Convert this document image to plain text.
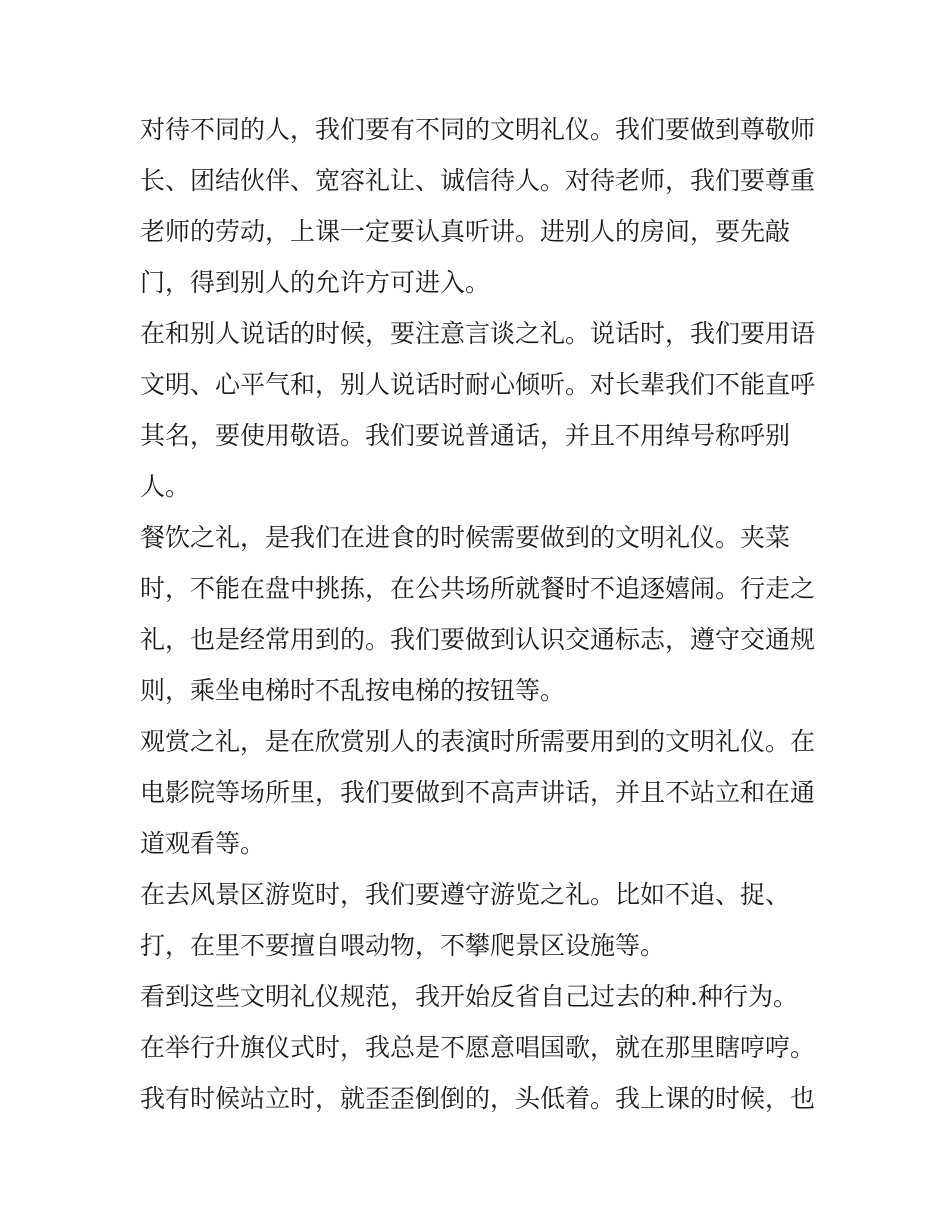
对待不同的人，我们要有不同的文明礼仪。我们要做到尊敬师
长、团结伙伴、宽容礼让、诚信待人。对待老师，我们要尊重
老师的劳动，上课一定要认真听讲。进别人的房间，要先敲
门，得到别人的允许方可进入。
在和别人说话的时候，要注意言谈之礼。说话时，我们要用语
文明、心平气和，别人说话时耐心倾听。对长辈我们不能直呼
其名，要使用敬语。我们要说普通话，并且不用绰号称呼别
人。
餐饮之礼，是我们在进食的时候需要做到的文明礼仪。夹菜
时，不能在盘中挑拣，在公共场所就餐时不追逐嬉闹。行走之
礼，也是经常用到的。我们要做到认识交通标志，遵守交通规
则，乘坐电梯时不乱按电梯的按钮等。
观赏之礼，是在欣赏别人的表演时所需要用到的文明礼仪。在
电影院等场所里，我们要做到不高声讲话，并且不站立和在通
道观看等。
在去风景区游览时，我们要遵守游览之礼。比如不追、捉、
打，在里不要擅自喂动物，不攀爬景区设施等。
看到这些文明礼仪规范，我开始反省自己过去的种.种行为。
在举行升旗仪式时，我总是不愿意唱国歌，就在那里瞎哼哼。
我有时候站立时，就歪歪倒倒的，头低着。我上课的时候，也
